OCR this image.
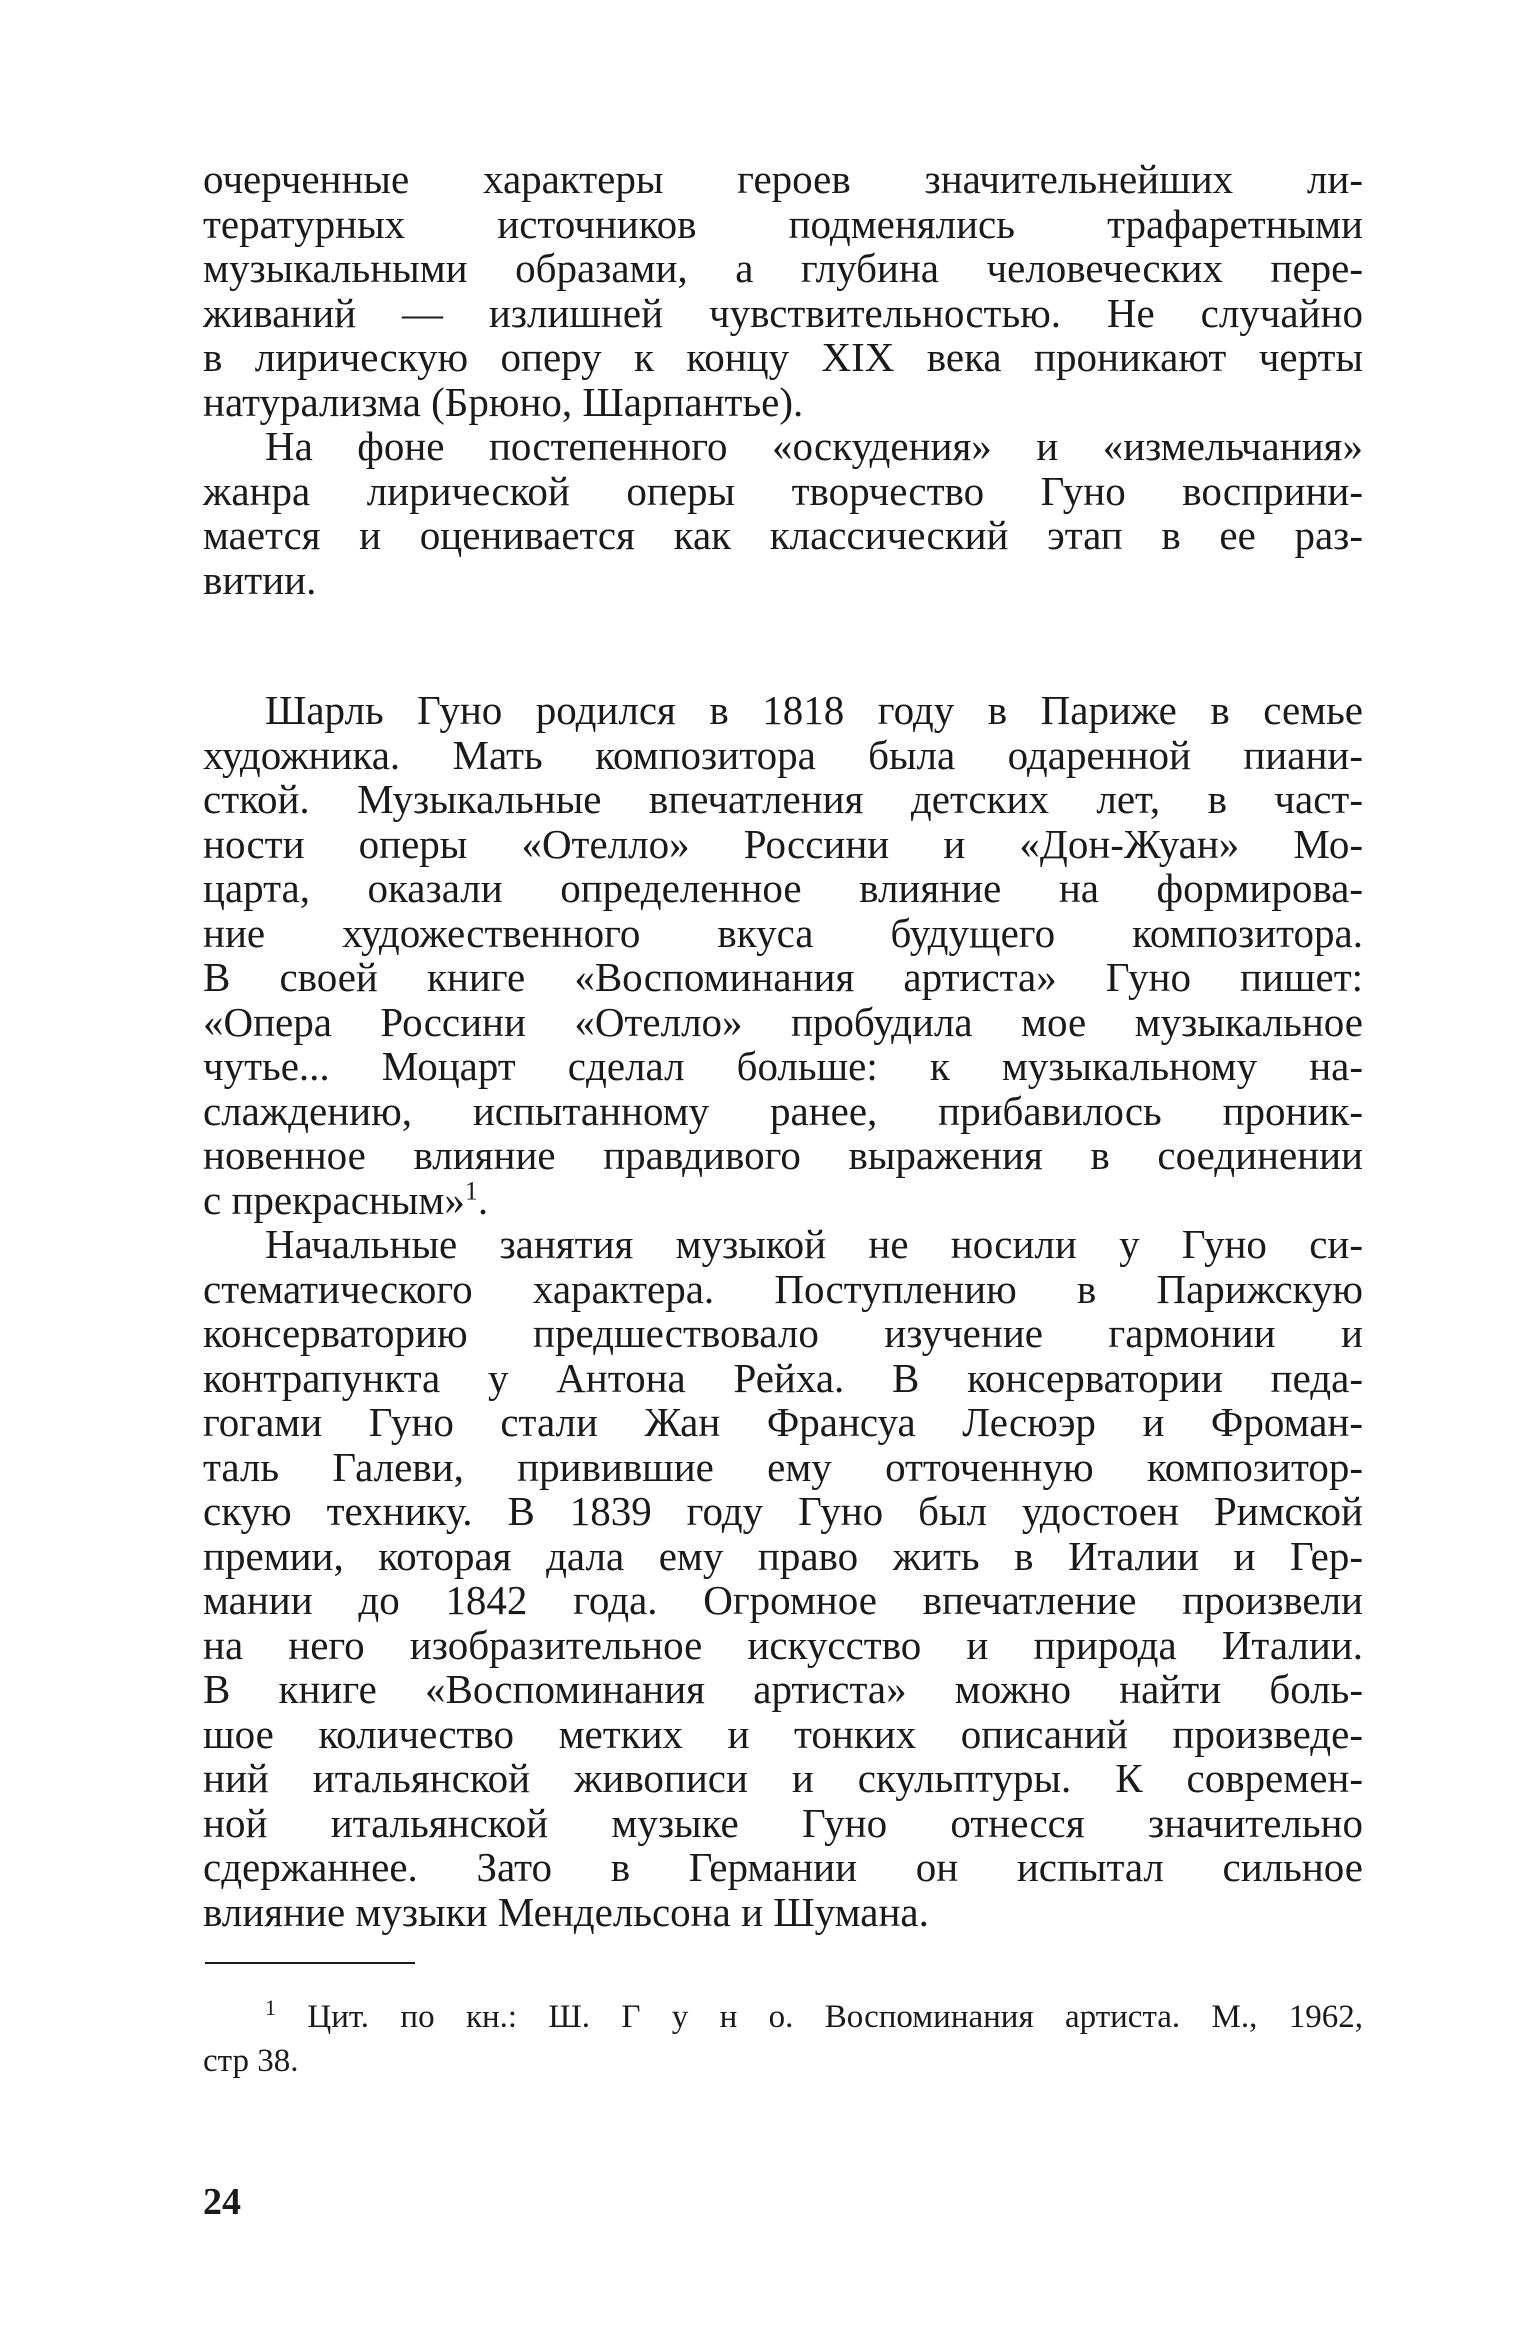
очерченные характеры героев значительнейших ли-
тературных источников подменялись трафаретными
музыкальными образами, а глубина человеческих пере-
живаний — излишней чувствительностью. Не случайно
в лирическую оперу к концу XIX века проникают черты
натурализма (Брюно, Шарпантье).
На фоне постепенного «оскудения» и «измельчания»
жанра лирической оперы творчество Гуно восприни-
мается и оценивается как классический этап в ее раз-
витии.
Шарль Гуно родился в 1818 году в Париже в семье
художника. Мать композитора была одаренной пиани-
сткой. Музыкальные впечатления детских лет, в част-
ности оперы «Отелло» Россини и «Дон-Жуан» Мо-
царта, оказали определенное влияние на формирова-
ние художественного вкуса будущего композитора.
В своей книге «Воспоминания артиста» Гуно пишет:
«Опера Россини «Отелло» пробудила мое музыкальное
чутье... Моцарт сделал больше: к музыкальному на-
слаждению, испытанному ранее, прибавилось проник-
новенное влияние правдивого выражения в соединении
с прекрасным»$^1$.
Начальные занятия музыкой не носили у Гуно си-
стематического характера. Поступлению в Парижскую
консерваторию предшествовало изучение гармонии и
контрапункта у Антона Рейха. В консерватории педа-
гогами Гуно стали Жан Франсуа Лесюэр и Фроман-
таль Галеви, привившие ему отточенную композитор-
скую технику. В 1839 году Гуно был удостоен Римской
премии, которая дала ему право жить в Италии и Гер-
мании до 1842 года. Огромное впечатление произвели
на него изобразительное искусство и природа Италии.
В книге «Воспоминания артиста» можно найти боль-
шое количество метких и тонких описаний произведе-
ний итальянской живописи и скульптуры. К современ-
ной итальянской музыке Гуно отнесся значительно
сдержаннее. Зато в Германии он испытал сильное
влияние музыки Мендельсона и Шумана.
$^1$ Цит. по кн.: Ш. Г у н о. Воспоминания артиста. М., 1962,
стр 38.
24
